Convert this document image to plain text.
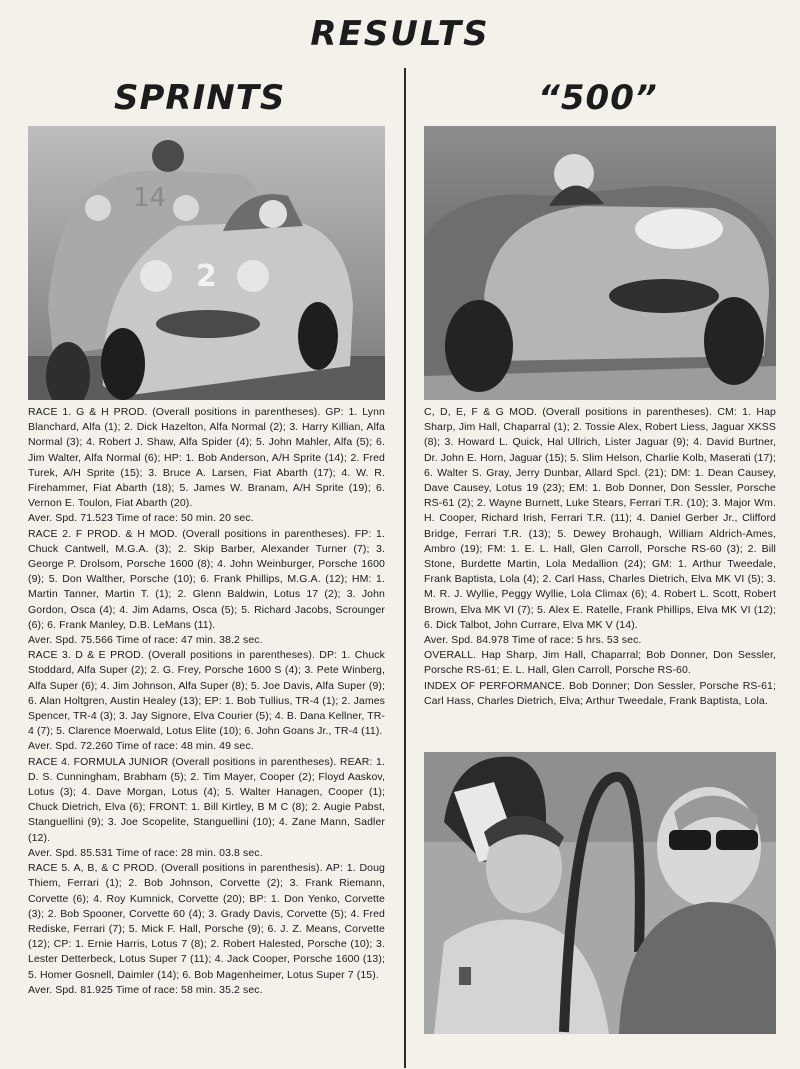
RESULTS
SPRINTS	“500”
14
2

RACE 1. G & H PROD. (Overall positions in parentheses). GP: 1. Lynn Blanchard, Alfa (1); 2. Dick Hazelton, Alfa Normal (2); 3. Harry Killian, Alfa Normal (3); 4. Robert J. Shaw, Alfa Spider (4); 5. John Mahler, Alfa (5); 6. Jim Walter, Alfa Normal (6); HP: 1. Bob Anderson, A/H Sprite (14); 2. Fred Turek, A/H Sprite (15); 3. Bruce A. Larsen, Fiat Abarth (17); 4. W. R. Firehammer, Fiat Abarth (18); 5. James W. Branam, A/H Sprite (19); 6. Vernon E. Toulon, Fiat Abarth (20).

Aver. Spd. 71.523 Time of race: 50 min. 20 sec.

RACE 2. F PROD. & H MOD. (Overall positions in parentheses). FP: 1. Chuck Cantwell, M.G.A. (3); 2. Skip Barber, Alexander Turner (7); 3. George P. Drolsom, Porsche 1600 (8); 4. John Weinburger, Porsche 1600 (9); 5. Don Walther, Porsche (10); 6. Frank Phillips, M.G.A. (12); HM: 1. Martin Tanner, Martin T. (1); 2. Glenn Baldwin, Lotus 17 (2); 3. John Gordon, Osca (4); 4. Jim Adams, Osca (5); 5. Richard Jacobs, Scrounger (6); 6. Frank Manley, D.B. LeMans (11).

Aver. Spd. 75.566 Time of race: 47 min. 38.2 sec.

RACE 3. D & E PROD. (Overall positions in parentheses). DP: 1. Chuck Stoddard, Alfa Super (2); 2. G. Frey, Porsche 1600 S (4); 3. Pete Winberg, Alfa Super (6); 4. Jim Johnson, Alfa Super (8); 5. Joe Davis, Alfa Super (9); 6. Alan Holtgren, Austin Healey (13); EP: 1. Bob Tullius, TR-4 (1); 2. James Spencer, TR-4 (3); 3. Jay Signore, Elva Courier (5); 4. B. Dana Kellner, TR-4 (7); 5. Clarence Moerwald, Lotus Elite (10); 6. John Goans Jr., TR-4 (11).

Aver. Spd. 72.260 Time of race: 48 min. 49 sec.

RACE 4. FORMULA JUNIOR (Overall positions in parentheses). REAR: 1. D. S. Cunningham, Brabham (5); 2. Tim Mayer, Cooper (2); Floyd Aaskov, Lotus (3); 4. Dave Morgan, Lotus (4); 5. Walter Hanagen, Cooper (1); Chuck Dietrich, Elva (6); FRONT: 1. Bill Kirtley, B M C (8); 2. Augie Pabst, Stanguellini (9); 3. Joe Scopelite, Stanguellini (10); 4. Zane Mann, Sadler (12).

Aver. Spd. 85.531 Time of race: 28 min. 03.8 sec.

RACE 5. A, B, & C PROD. (Overall positions in parenthesis). AP: 1. Doug Thiem, Ferrari (1); 2. Bob Johnson, Corvette (2); 3. Frank Riemann, Corvette (6); 4. Roy Kumnick, Corvette (20); BP: 1. Don Yenko, Corvette (3); 2. Bob Spooner, Corvette 60 (4); 3. Grady Davis, Corvette (5); 4. Fred Rediske, Ferrari (7); 5. Mick F. Hall, Porsche (9); 6. J. Z. Means, Corvette (12); CP: 1. Ernie Harris, Lotus 7 (8); 2. Robert Halested, Porsche (10); 3. Lester Detterbeck, Lotus Super 7 (11); 4. Jack Cooper, Porsche 1600 (13); 5. Homer Gosnell, Daimler (14); 6. Bob Magenheimer, Lotus Super 7 (15).

Aver. Spd. 81.925 Time of race: 58 min. 35.2 sec.

C, D, E, F & G MOD. (Overall positions in parentheses). CM: 1. Hap Sharp, Jim Hall, Chaparral (1); 2. Tossie Alex, Robert Liess, Jaguar XKSS (8); 3. Howard L. Quick, Hal Ullrich, Lister Jaguar (9); 4. David Burtner, Dr. John E. Horn, Jaguar (15); 5. Slim Helson, Charlie Kolb, Maserati (17); 6. Walter S. Gray, Jerry Dunbar, Allard Spcl. (21); DM: 1. Dean Causey, Dave Causey, Lotus 19 (23); EM: 1. Bob Donner, Don Sessler, Porsche RS-61 (2); 2. Wayne Burnett, Luke Stears, Ferrari T.R. (10); 3. Major Wm. H. Cooper, Richard Irish, Ferrari T.R. (11); 4. Daniel Gerber Jr., Clifford Bridge, Ferrari T.R. (13); 5. Dewey Brohaugh, William Aldrich-Ames, Ambro (19); FM: 1. E. L. Hall, Glen Carroll, Porsche RS-60 (3); 2. Bill Stone, Burdette Martin, Lola Medallion (24); GM: 1. Arthur Tweedale, Frank Baptista, Lola (4); 2. Carl Hass, Charles Dietrich, Elva MK VI (5); 3. M. R. J. Wyllie, Peggy Wyllie, Lola Climax (6); 4. Robert L. Scott, Robert Brown, Elva MK VI (7); 5. Alex E. Ratelle, Frank Phillips, Elva MK VI (12); 6. Dick Talbot, John Currare, Elva MK V (14).

Aver. Spd. 84.978 Time of race: 5 hrs. 53 sec.

OVERALL. Hap Sharp, Jim Hall, Chaparral; Bob Donner, Don Sessler, Porsche RS-61; E. L. Hall, Glen Carroll, Porsche RS-60.

INDEX OF PERFORMANCE. Bob Donner; Don Sessler, Porsche RS-61; Carl Hass, Charles Dietrich, Elva; Arthur Tweedale, Frank Baptista, Lola.
